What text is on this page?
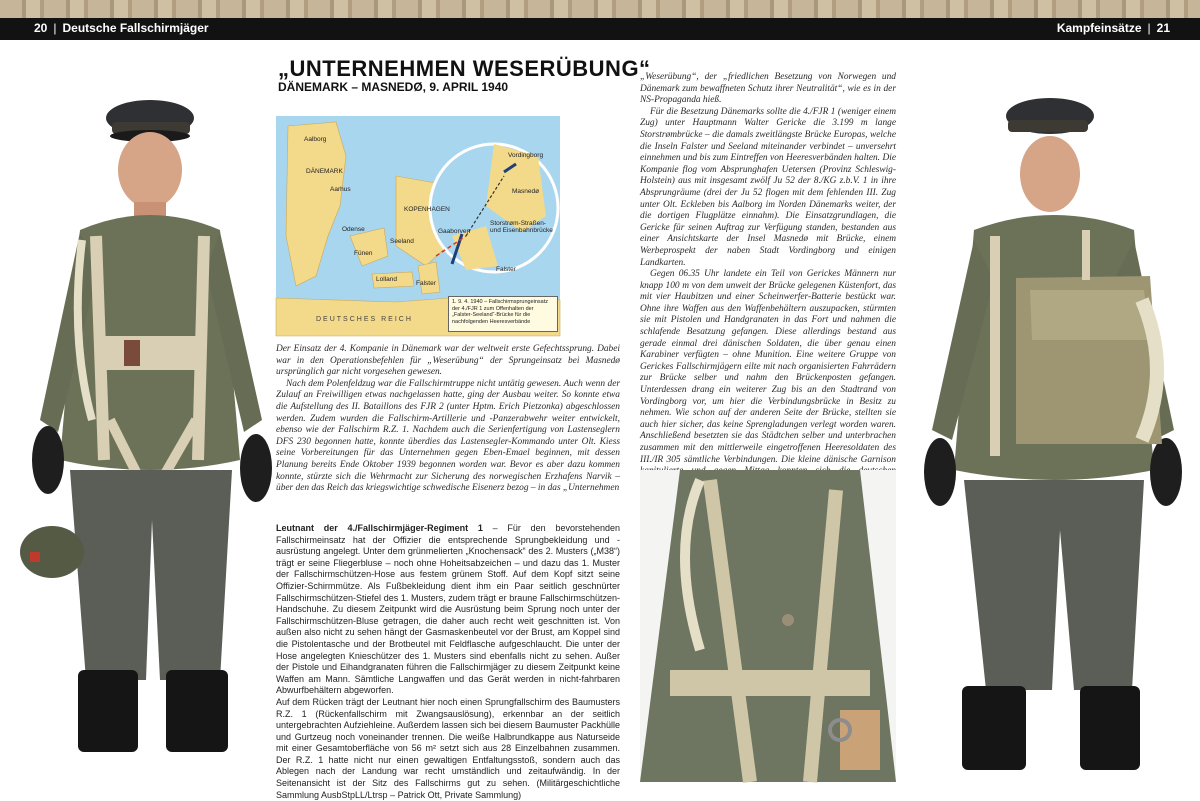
20 | Deutsche Fallschirmjäger	Kampfeinsätze | 21
„UNTERNEHMEN WESERÜBUNG“
DÄNEMARK – MASNEDØ, 9. APRIL 1940
Aalborg
DÄNEMARK
Aarhus
KOPENHAGEN
Odense
Seeland
Fünen
Lolland
Falster
DEUTSCHES REICH
Vordingborg
Masnedø
Storstrøm-Straßen- und Eisenbahnbrücke
Gaaborven
Falster
1. 9. 4. 1940 – Fallschirmsprungeinsatz der 4./FJR 1 zum Offenhalten der „Falster-Seeland“-Brücke für die nachfolgenden Heeresverbände

Der Einsatz der 4. Kompanie in Dänemark war der weltweit erste Gefechtssprung. Dabei war in den Operationsbefehlen für „Weserübung“ der Sprungeinsatz bei Masnedø ursprünglich gar nicht vorgesehen gewesen.

Nach dem Polenfeldzug war die Fallschirmtruppe nicht untätig gewesen. Auch wenn der Zulauf an Freiwilligen etwas nachgelassen hatte, ging der Ausbau weiter. So konnte etwa die Aufstellung des II. Bataillons des FJR 2 (unter Hptm. Erich Pietzonka) abgeschlossen werden. Zudem wurden die Fallschirm-Artillerie und -Panzerabwehr weiter entwickelt, ebenso wie der Fallschirm R.Z. 1. Nachdem auch die Serienfertigung von Lastenseglern DFS 230 begonnen hatte, konnte überdies das Lastensegler-Kommando unter Olt. Kiess seine Vorbereitungen für das Unternehmen gegen Eben-Emael beginnen, mit dessen Planung bereits Ende Oktober 1939 begonnen worden war. Bevor es aber dazu kommen konnte, stürzte sich die Wehrmacht zur Sicherung des norwegischen Erzhafens Narvik – über den das Reich das kriegswichtige schwedische Eisenerz bezog – in das „Unternehmen

Leutnant der 4./Fallschirmjäger-Regiment 1 – Für den bevorstehenden Fallschirmeinsatz hat der Offizier die entsprechende Sprungbekleidung und -ausrüstung angelegt. Unter dem grünmelierten „Knochensack“ des 2. Musters („M38“) trägt er seine Fliegerbluse – noch ohne Hoheitsabzeichen – und dazu das 1. Muster der Fallschirmschützen-Hose aus festem grünem Stoff. Auf dem Kopf sitzt seine Offizier-Schirmmütze. Als Fußbekleidung dient ihm ein Paar seitlich geschnürter Fallschirmschützen-Stiefel des 1. Musters, zudem trägt er braune Fallschirmschützen-Handschuhe. Zu diesem Zeitpunkt wird die Ausrüstung beim Sprung noch unter der Fallschirmschützen-Bluse getragen, die daher auch recht weit geschnitten ist. Von außen also nicht zu sehen hängt der Gasmaskenbeutel vor der Brust, am Koppel sind die Pistolentasche und der Brotbeutel mit Feldflasche aufgeschlaucht. Die unter der Hose angelegten Knieschützer des 1. Musters sind ebenfalls nicht zu sehen. Außer der Pistole und Eihandgranaten führen die Fallschirmjäger zu diesem Zeitpunkt keine Waffen am Mann. Sämtliche Langwaffen und das Gerät werden in nicht-fahrbaren Abwurfbehältern abgeworfen.
Auf dem Rücken trägt der Leutnant hier noch einen Sprungfallschirm des Baumusters R.Z. 1 (Rückenfallschirm mit Zwangsauslösung), erkennbar an der seitlich untergebrachten Aufziehleine. Außerdem lassen sich bei diesem Baumuster Packhülle und Gurtzeug noch voneinander trennen. Die weiße Halbrundkappe aus Naturseide mit einer Gesamtoberfläche von 56 m² setzt sich aus 28 Einzelbahnen zusammen. Der R.Z. 1 hatte nicht nur einen gewaltigen Entfaltungsstoß, sondern auch das Ablegen nach der Landung war recht umständlich und zeitaufwändig. In der Seitenansicht ist der Sitz des Fallschirms gut zu sehen. (Militärgeschichtliche Sammlung AusbStpLL/Ltrsp – Patrick Ott, Private Sammlung)

„Weserübung“, der „friedlichen Besetzung von Norwegen und Dänemark zum bewaffneten Schutz ihrer Neutralität“, wie es in der NS-Propaganda hieß.

Für die Besetzung Dänemarks sollte die 4./FJR 1 (weniger einem Zug) unter Hauptmann Walter Gericke die 3.199 m lange Storstrømbrücke – die damals zweitlängste Brücke Europas, welche die Inseln Falster und Seeland miteinander verbindet – unversehrt einnehmen und bis zum Eintreffen von Heeresverbänden halten. Die Kompanie flog vom Absprunghafen Uetersen (Provinz Schleswig-Holstein) aus mit insgesamt zwölf Ju 52 der 8./KG z.b.V. 1 in ihre Absprungräume (drei der Ju 52 flogen mit dem fehlenden III. Zug unter Olt. Eckleben bis Aalborg im Norden Dänemarks weiter, der die dortigen Flugplätze einnahm). Die Einsatzgrundlagen, die Gericke für seinen Auftrag zur Verfügung standen, bestanden aus einer Ansichtskarte der Insel Masnedø mit Brücke, einem Werbeprospekt der naben Stadt Vordingborg und einigen Landkarten.

Gegen 06.35 Uhr landete ein Teil von Gerickes Männern nur knapp 100 m von dem unweit der Brücke gelegenen Küstenfort, das mit vier Haubitzen und einer Scheinwerfer-Batterie bestückt war. Ohne ihre Waffen aus den Waffenbehältern auszupacken, stürmten sie mit Pistolen und Handgranaten in das Fort und nahmen die schlafende Besatzung gefangen. Diese allerdings bestand aus gerade einmal drei dänischen Soldaten, die über genau einen Karabiner verfügten – ohne Munition. Eine weitere Gruppe von Gerickes Fallschirmjägern eilte mit nach organisierten Fahrrädern zur Brücke selber und nahm den Brückenposten gefangen. Unterdessen drang ein weiterer Zug bis an den Stadtrand von Vordingborg vor, um hier die Verbindungsbrücke in Besitz zu nehmen. Wie schon auf der anderen Seite der Brücke, stellten sie auch hier sicher, das keine Sprengladungen verlegt worden waren. Anschließend besetzten sie das Städtchen selber und unterbrachen zusammen mit den mittlerweile eingetroffenen Heeresoldaten des III./IR 305 sämtliche Verbindungen. Die kleine dänische Garnison
